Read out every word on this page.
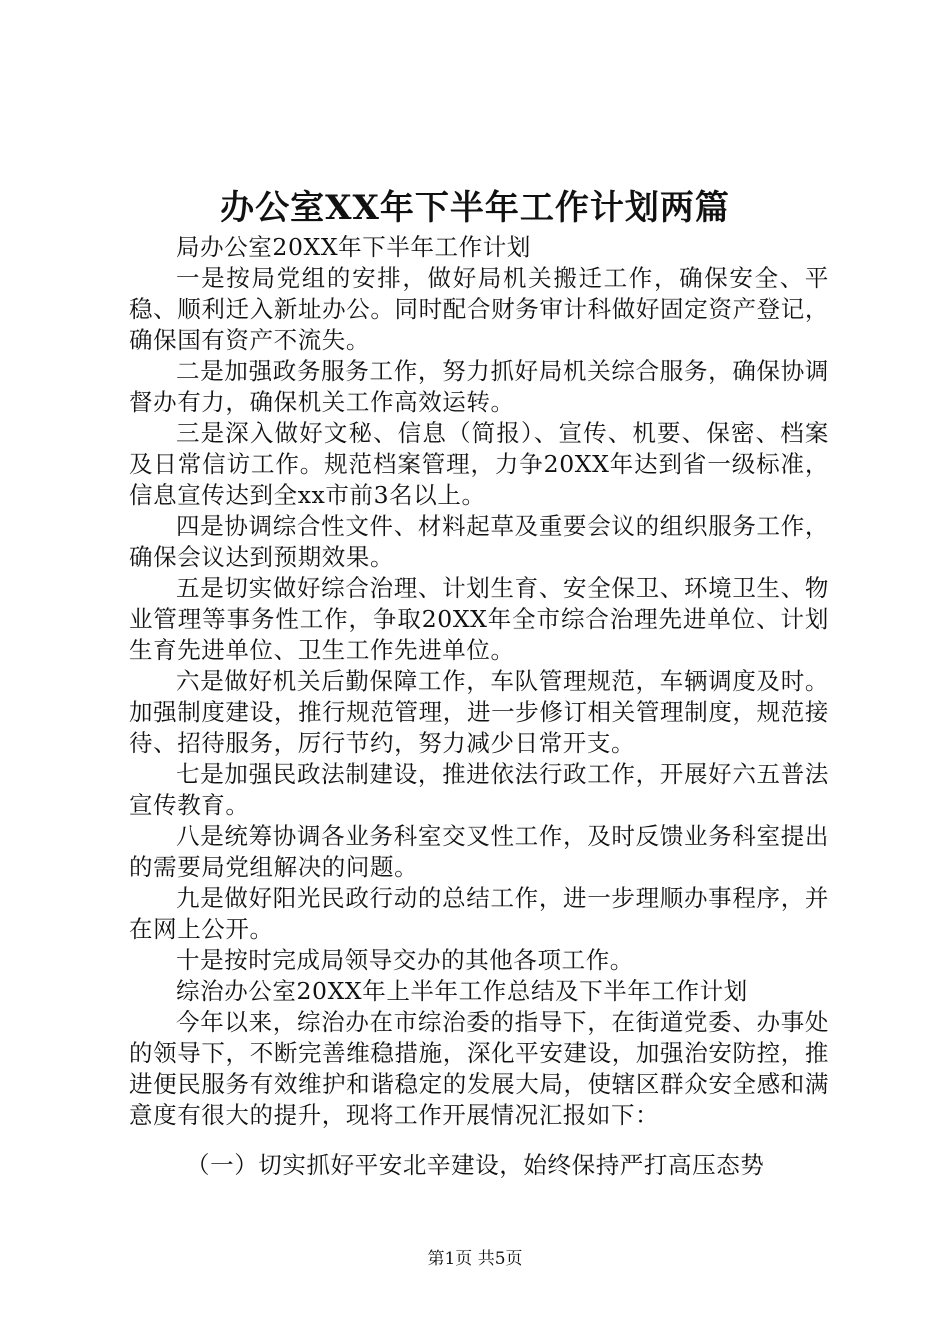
办公室XX年下半年工作计划两篇

局办公室20XX年下半年工作计划

一是按局党组的安排，做好局机关搬迁工作，确保安全、平稳、顺利迁入新址办公。同时配合财务审计科做好固定资产登记，确保国有资产不流失。

二是加强政务服务工作，努力抓好局机关综合服务，确保协调督办有力，确保机关工作高效运转。

三是深入做好文秘、信息（简报）、宣传、机要、保密、档案及日常信访工作。规范档案管理，力争20XX年达到省一级标准，信息宣传达到全xx市前3名以上。

四是协调综合性文件、材料起草及重要会议的组织服务工作，确保会议达到预期效果。

五是切实做好综合治理、计划生育、安全保卫、环境卫生、物业管理等事务性工作，争取20XX年全市综合治理先进单位、计划生育先进单位、卫生工作先进单位。

六是做好机关后勤保障工作，车队管理规范，车辆调度及时。加强制度建设，推行规范管理，进一步修订相关管理制度，规范接待、招待服务，厉行节约，努力减少日常开支。

七是加强民政法制建设，推进依法行政工作，开展好六五普法宣传教育。

八是统筹协调各业务科室交叉性工作，及时反馈业务科室提出的需要局党组解决的问题。

九是做好阳光民政行动的总结工作，进一步理顺办事程序，并在网上公开。

十是按时完成局领导交办的其他各项工作。

综治办公室20XX年上半年工作总结及下半年工作计划

今年以来，综治办在市综治委的指导下，在街道党委、办事处的领导下，不断完善维稳措施，深化平安建设，加强治安防控，推进便民服务有效维护和谐稳定的发展大局，使辖区群众安全感和满意度有很大的提升，现将工作开展情况汇报如下：

（一）切实抓好平安北辛建设，始终保持严打高压态势
第1页 共5页
